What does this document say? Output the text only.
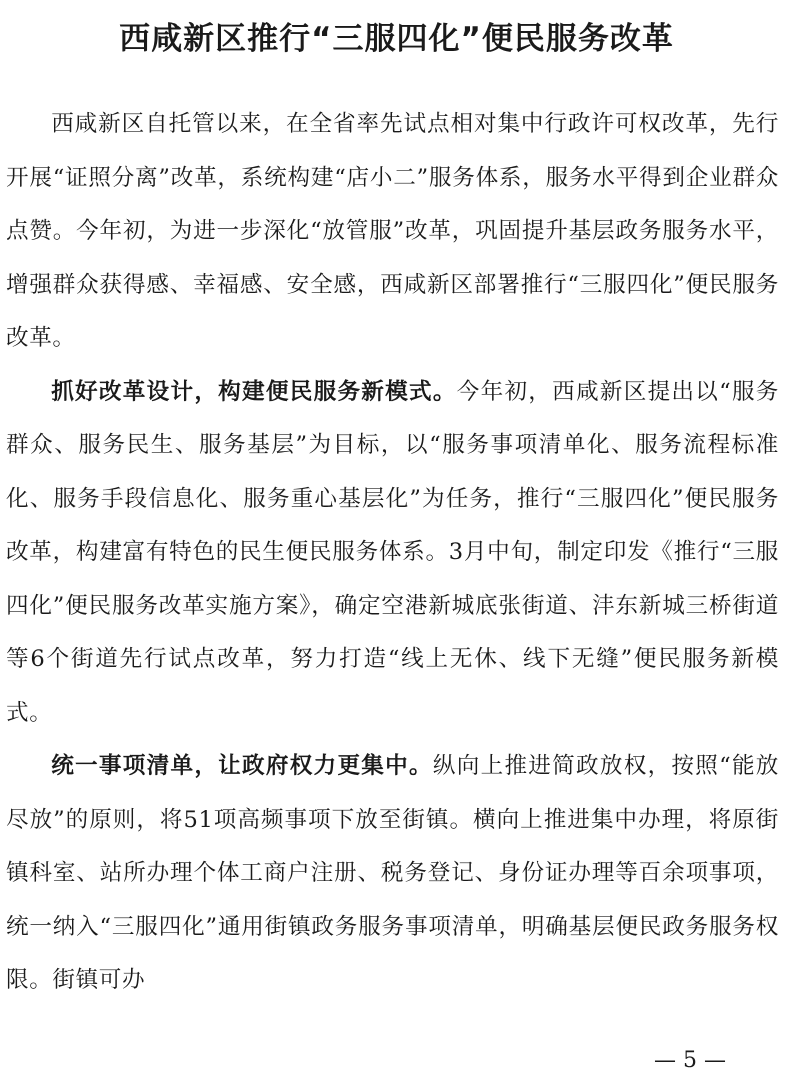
西咸新区推行“三服四化”便民服务改革

西咸新区自托管以来，在全省率先试点相对集中行政许可权改革，先行开展“证照分离”改革，系统构建“店小二”服务体系，服务水平得到企业群众点赞。今年初，为进一步深化“放管服”改革，巩固提升基层政务服务水平，增强群众获得感、幸福感、安全感，西咸新区部署推行“三服四化”便民服务改革。

抓好改革设计，构建便民服务新模式。今年初，西咸新区提出以“服务群众、服务民生、服务基层”为目标，以“服务事项清单化、服务流程标准化、服务手段信息化、服务重心基层化”为任务，推行“三服四化”便民服务改革，构建富有特色的民生便民服务体系。3月中旬，制定印发《推行“三服四化”便民服务改革实施方案》，确定空港新城底张街道、沣东新城三桥街道等6个街道先行试点改革，努力打造“线上无休、线下无缝”便民服务新模式。

统一事项清单，让政府权力更集中。纵向上推进简政放权，按照“能放尽放”的原则，将51项高频事项下放至街镇。横向上推进集中办理，将原街镇科室、站所办理个体工商户注册、税务登记、身份证办理等百余项事项，统一纳入“三服四化”通用街镇政务服务事项清单，明确基层便民政务服务权限。街镇可办

— 5 —
